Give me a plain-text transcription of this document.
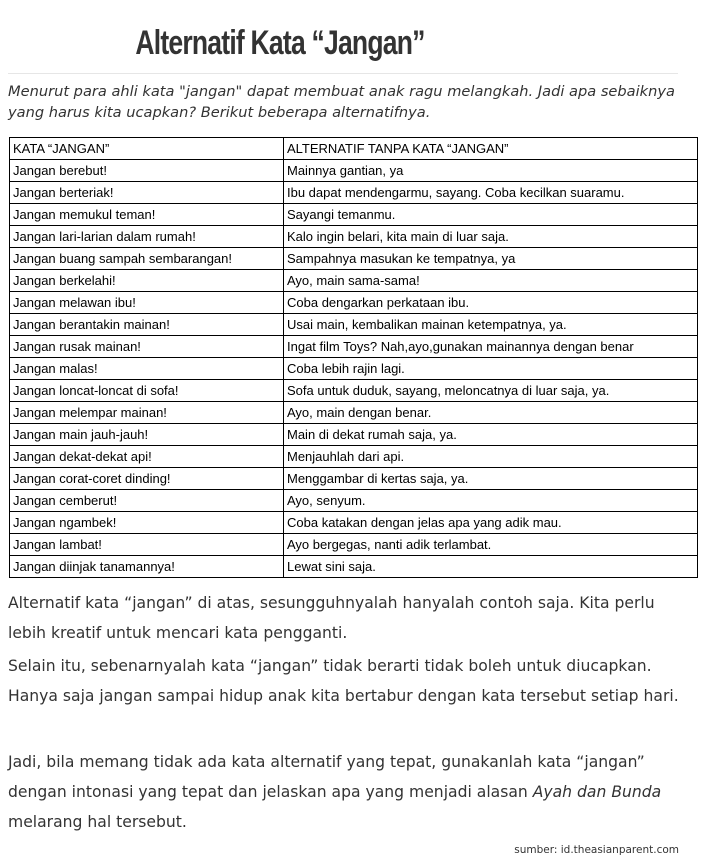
Alternatif Kata “Jangan”

Menurut para ahli kata "jangan" dapat membuat anak ragu melangkah. Jadi apa sebaiknya yang harus kita ucapkan? Berikut beberapa alternatifnya.

KATA “JANGAN”	ALTERNATIF TANPA KATA “JANGAN”
Jangan berebut!	Mainnya gantian, ya
Jangan berteriak!	Ibu dapat mendengarmu, sayang. Coba kecilkan suaramu.
Jangan memukul teman!	Sayangi temanmu.
Jangan lari-larian dalam rumah!	Kalo ingin belari, kita main di luar saja.
Jangan buang sampah sembarangan!	Sampahnya masukan ke tempatnya, ya
Jangan berkelahi!	Ayo, main sama-sama!
Jangan melawan ibu!	Coba dengarkan perkataan ibu.
Jangan berantakin mainan!	Usai main, kembalikan mainan ketempatnya, ya.
Jangan rusak mainan!	Ingat film Toys? Nah,ayo,gunakan mainannya dengan benar
Jangan malas!	Coba lebih rajin lagi.
Jangan loncat-loncat di sofa!	Sofa untuk duduk, sayang, meloncatnya di luar saja, ya.
Jangan melempar mainan!	Ayo, main dengan benar.
Jangan main jauh-jauh!	Main di dekat rumah saja, ya.
Jangan dekat-dekat api!	Menjauhlah dari api.
Jangan corat-coret dinding!	Menggambar di kertas saja, ya.
Jangan cemberut!	Ayo, senyum.
Jangan ngambek!	Coba katakan dengan jelas apa yang adik mau.
Jangan lambat!	Ayo bergegas, nanti adik terlambat.
Jangan diinjak tanamannya!	Lewat sini saja.

Alternatif kata “jangan” di atas, sesungguhnyalah hanyalah contoh saja. Kita perlu lebih kreatif untuk mencari kata pengganti.

Selain itu, sebenarnyalah kata “jangan” tidak berarti tidak boleh untuk diucapkan. Hanya saja jangan sampai hidup anak kita bertabur dengan kata tersebut setiap hari.

Jadi, bila memang tidak ada kata alternatif yang tepat, gunakanlah kata “jangan” dengan intonasi yang tepat dan jelaskan apa yang menjadi alasan Ayah dan Bunda melarang hal tersebut.

sumber: id.theasianparent.com
